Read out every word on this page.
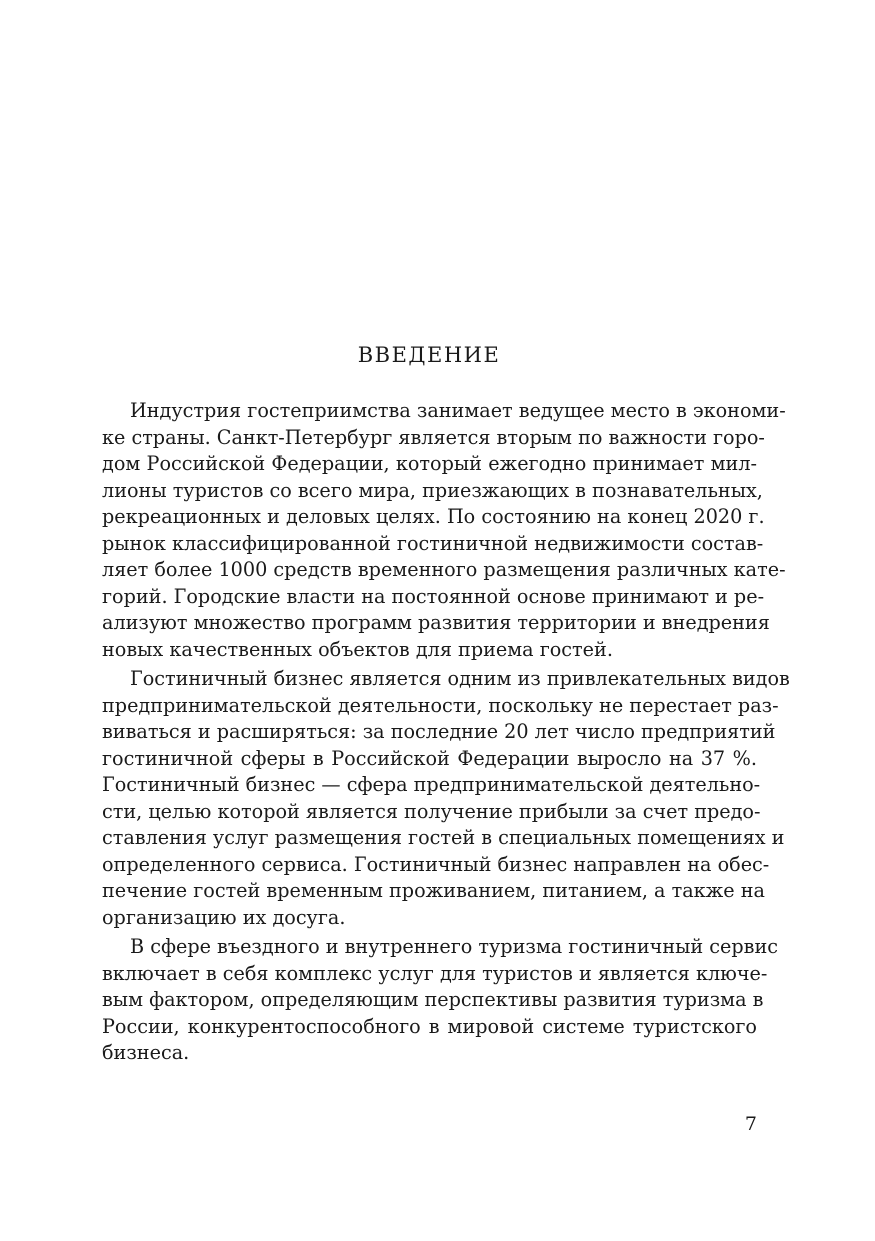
ВВЕДЕНИЕ

Индустрия гостеприимства занимает ведущее место в экономи-
ке страны. Санкт-Петербург является вторым по важности горо-
дом Российской Федерации, который ежегодно принимает мил-
лионы туристов со всего мира, приезжающих в познавательных,
рекреационных и деловых целях. По состоянию на конец 2020 г.
рынок классифицированной гостиничной недвижимости состав-
ляет более 1000 средств временного размещения различных кате-
горий. Городские власти на постоянной основе принимают и ре-
ализуют множество программ развития территории и внедрения
новых качественных объектов для приема гостей.

Гостиничный бизнес является одним из привлекательных видов
предпринимательской деятельности, поскольку не перестает раз-
виваться и расширяться: за последние 20 лет число предприятий
гостиничной сферы в Российской Федерации выросло на 37 %.
Гостиничный бизнес — сфера предпринимательской деятельно-
сти, целью которой является получение прибыли за счет предо-
ставления услуг размещения гостей в специальных помещениях и
определенного сервиса. Гостиничный бизнес направлен на обес-
печение гостей временным проживанием, питанием, а также на
организацию их досуга.

В сфере въездного и внутреннего туризма гостиничный сервис
включает в себя комплекс услуг для туристов и является ключе-
вым фактором, определяющим перспективы развития туризма в
России, конкурентоспособного в мировой системе туристского
бизнеса.

7
